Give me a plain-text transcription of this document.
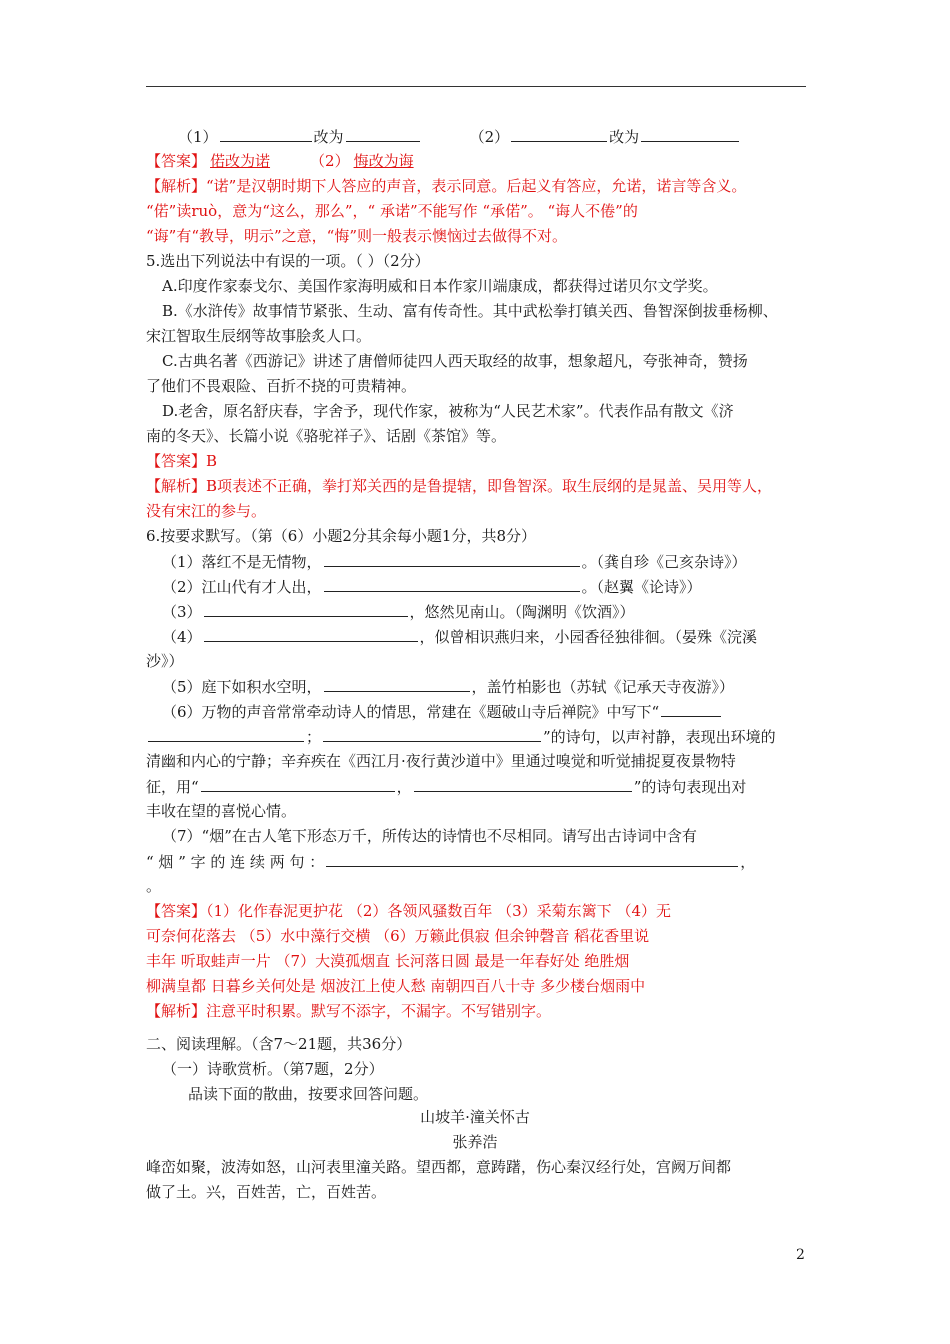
（1）	改为	（2）	改为
【答案】 偌改为诺	（2） 悔改为诲
【解析】“诺”是汉朝时期下人答应的声音，表示同意。后起义有答应，允诺，诺言等含义。
“偌”读ruò，意为“这么，那么”，“ 承诺”不能写作 “承偌”。 “诲人不倦”的
“诲”有“教导，明示”之意，“悔”则一般表示懊恼过去做得不对。
5.选出下列说法中有误的一项。（ ）（2分）
A.印度作家泰戈尔、美国作家海明威和日本作家川端康成，都获得过诺贝尔文学奖。
B.《水浒传》故事情节紧张、生动、富有传奇性。其中武松拳打镇关西、鲁智深倒拔垂杨柳、
宋江智取生辰纲等故事脍炙人口。
C.古典名著《西游记》讲述了唐僧师徒四人西天取经的故事，想象超凡，夸张神奇，赞扬
了他们不畏艰险、百折不挠的可贵精神。
D.老舍，原名舒庆春，字舍予，现代作家，被称为“人民艺术家”。代表作品有散文《济
南的冬天》、长篇小说《骆驼祥子》、话剧《茶馆》等。
【答案】B
【解析】B项表述不正确，拳打郑关西的是鲁提辖，即鲁智深。取生辰纲的是晁盖、吴用等人，
没有宋江的参与。
6.按要求默写。（第（6）小题2分其余每小题1分，共8分）
（1）落红不是无情物，	。（龚自珍《己亥杂诗》）
（2）江山代有才人出，	。（赵翼《论诗》）
（3）	，悠然见南山。（陶渊明《饮酒》）
（4）	，似曾相识燕归来，小园香径独徘徊。（晏殊《浣溪
沙》）
（5）庭下如积水空明，	，盖竹柏影也（苏轼《记承天寺夜游》）
（6）万物的声音常常牵动诗人的情思，常建在《题破山寺后禅院》中写下“
；	”的诗句，以声衬静，表现出环境的
清幽和内心的宁静；辛弃疾在《西江月·夜行黄沙道中》里通过嗅觉和听觉捕捉夏夜景物特
征，用“	，	”的诗句表现出对
丰收在望的喜悦心情。
（7）“烟”在古人笔下形态万千，所传达的诗情也不尽相同。请写出古诗词中含有
“ 烟 ” 字 的 连 续 两 句 ：	，
。
【答案】（1）化作春泥更护花 （2）各领风骚数百年 （3）采菊东篱下 （4）无
可奈何花落去 （5）水中藻行交横 （6）万籁此俱寂 但余钟磬音 稻花香里说
丰年 听取蛙声一片 （7）大漠孤烟直 长河落日圆 最是一年春好处 绝胜烟
柳满皇都 日暮乡关何处是 烟波江上使人愁 南朝四百八十寺 多少楼台烟雨中
【解析】注意平时积累。默写不添字，不漏字。不写错别字。
二、阅读理解。（含7～21题，共36分）
（一）诗歌赏析。（第7题，2分）
品读下面的散曲，按要求回答问题。
山坡羊·潼关怀古
张养浩
峰峦如聚，波涛如怒，山河表里潼关路。望西都，意踌躇，伤心秦汉经行处，宫阙万间都
做了土。兴，百姓苦，亡，百姓苦。
2
